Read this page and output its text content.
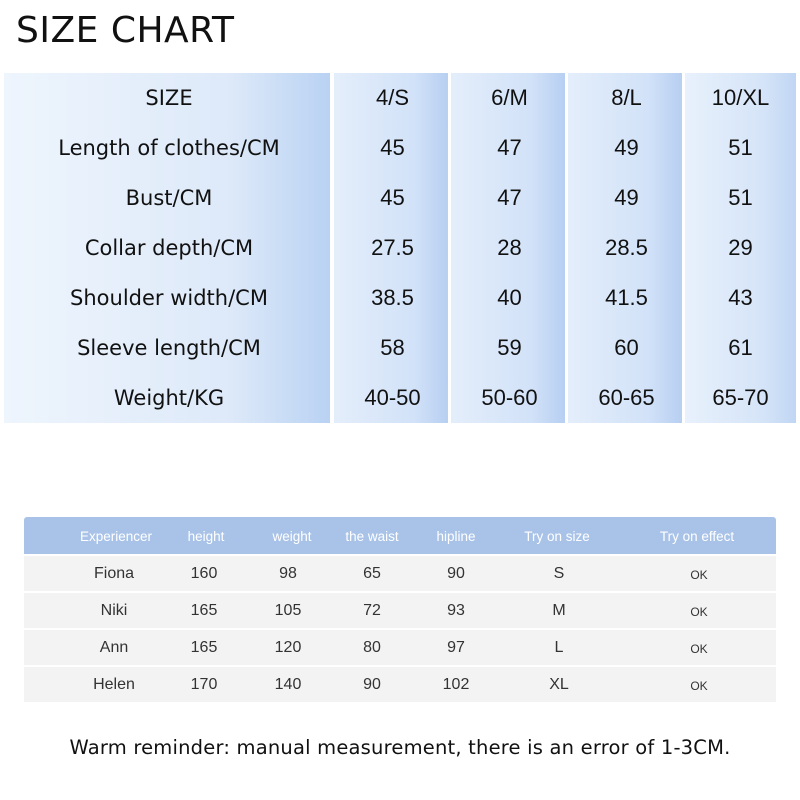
SIZE CHART
SIZE	4/S	6/M	8/L	10/XL
Length of clothes/CM	45	47	49	51
Bust/CM	45	47	49	51
Collar depth/CM	27.5	28	28.5	29
Shoulder width/CM	38.5	40	41.5	43
Sleeve length/CM	58	59	60	61
Weight/KG	40-50	50-60	60-65	65-70
Experiencer	height	weight	the waist	hipline	Try on size	Try on effect
Fiona	160	98	65	90	S	OK
Niki	165	105	72	93	M	OK
Ann	165	120	80	97	L	OK
Helen	170	140	90	102	XL	OK
Warm reminder: manual measurement, there is an error of 1-3CM.
